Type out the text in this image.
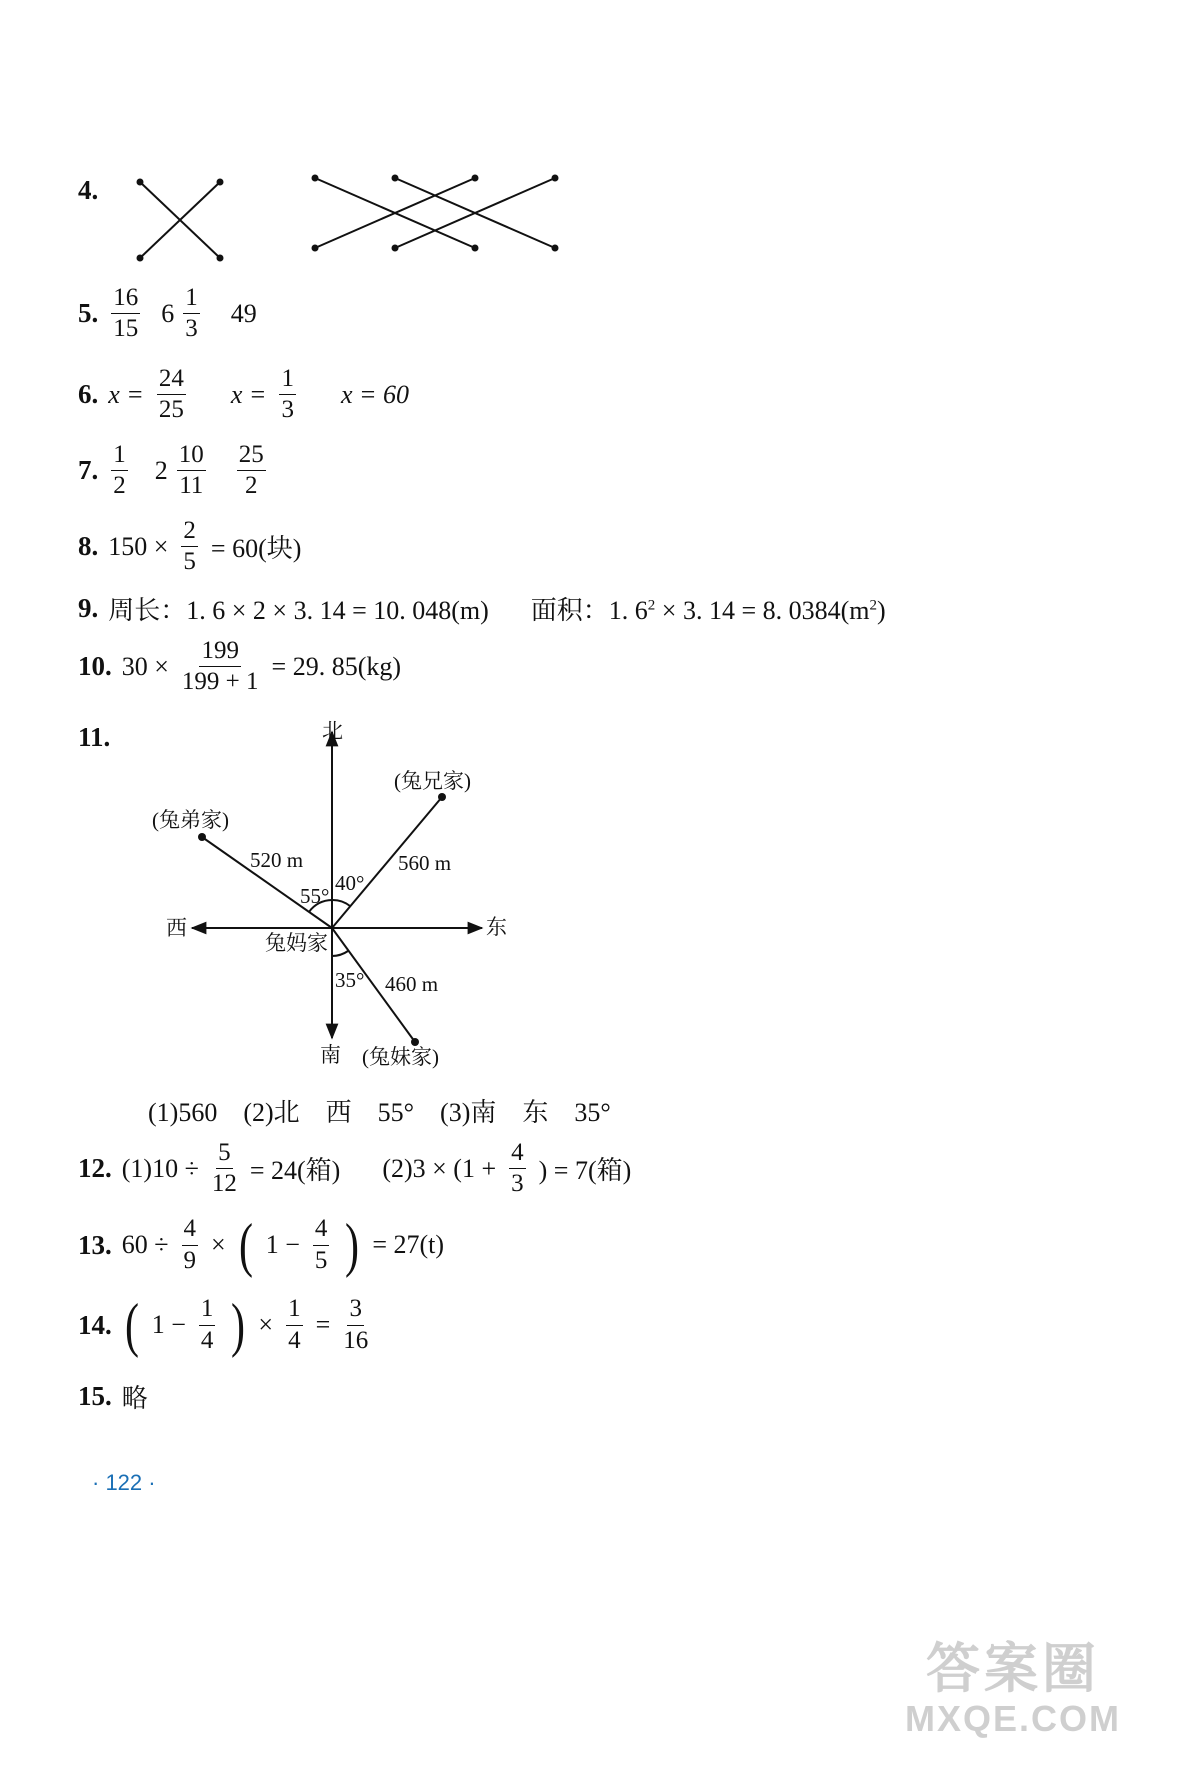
4.
5. $\frac{16}{15} 6 \frac{1}{3} 49$
6. $x = \frac{24}{25}$ $x = \frac{1}{3}$ x = 60
7. $\frac{1}{2} 2 \frac{10}{11} \frac{25}{2}$
8. $150 \times \frac{2}{5} = 60$(块)
9. 周长：1. 6 × 2 × 3. 14 = 10. 048(m) 面积：1. $6^2 \times 3$. 14 = 8. $0384(m^2)$
10. $30 \times \frac{199}{199 + 1} = 29$. 85(kg)
11.	北
南
西	东
兔妈家
(兔兄家)
(兔弟家)
(兔妹家)
560 m
520 m
460 m
40°
55°
35°
(1)560　(2)北　西　55°　(3)南　东　35°
12. $(1)10 \div \frac{5}{12} = 24$(箱) $(2)3 \times (1 + \frac{4}{3}$ ) = 7(箱)
13. $60 \div \frac{4}{9}$ × ( $1 - \frac{4}{5}$ ) = 27(t)
14. ( $1 - \frac{1}{4}$ ) × $\frac{1}{4} = \frac{3}{16}$
15. 略
· 122 ·
答案圈
MXQE.COM
